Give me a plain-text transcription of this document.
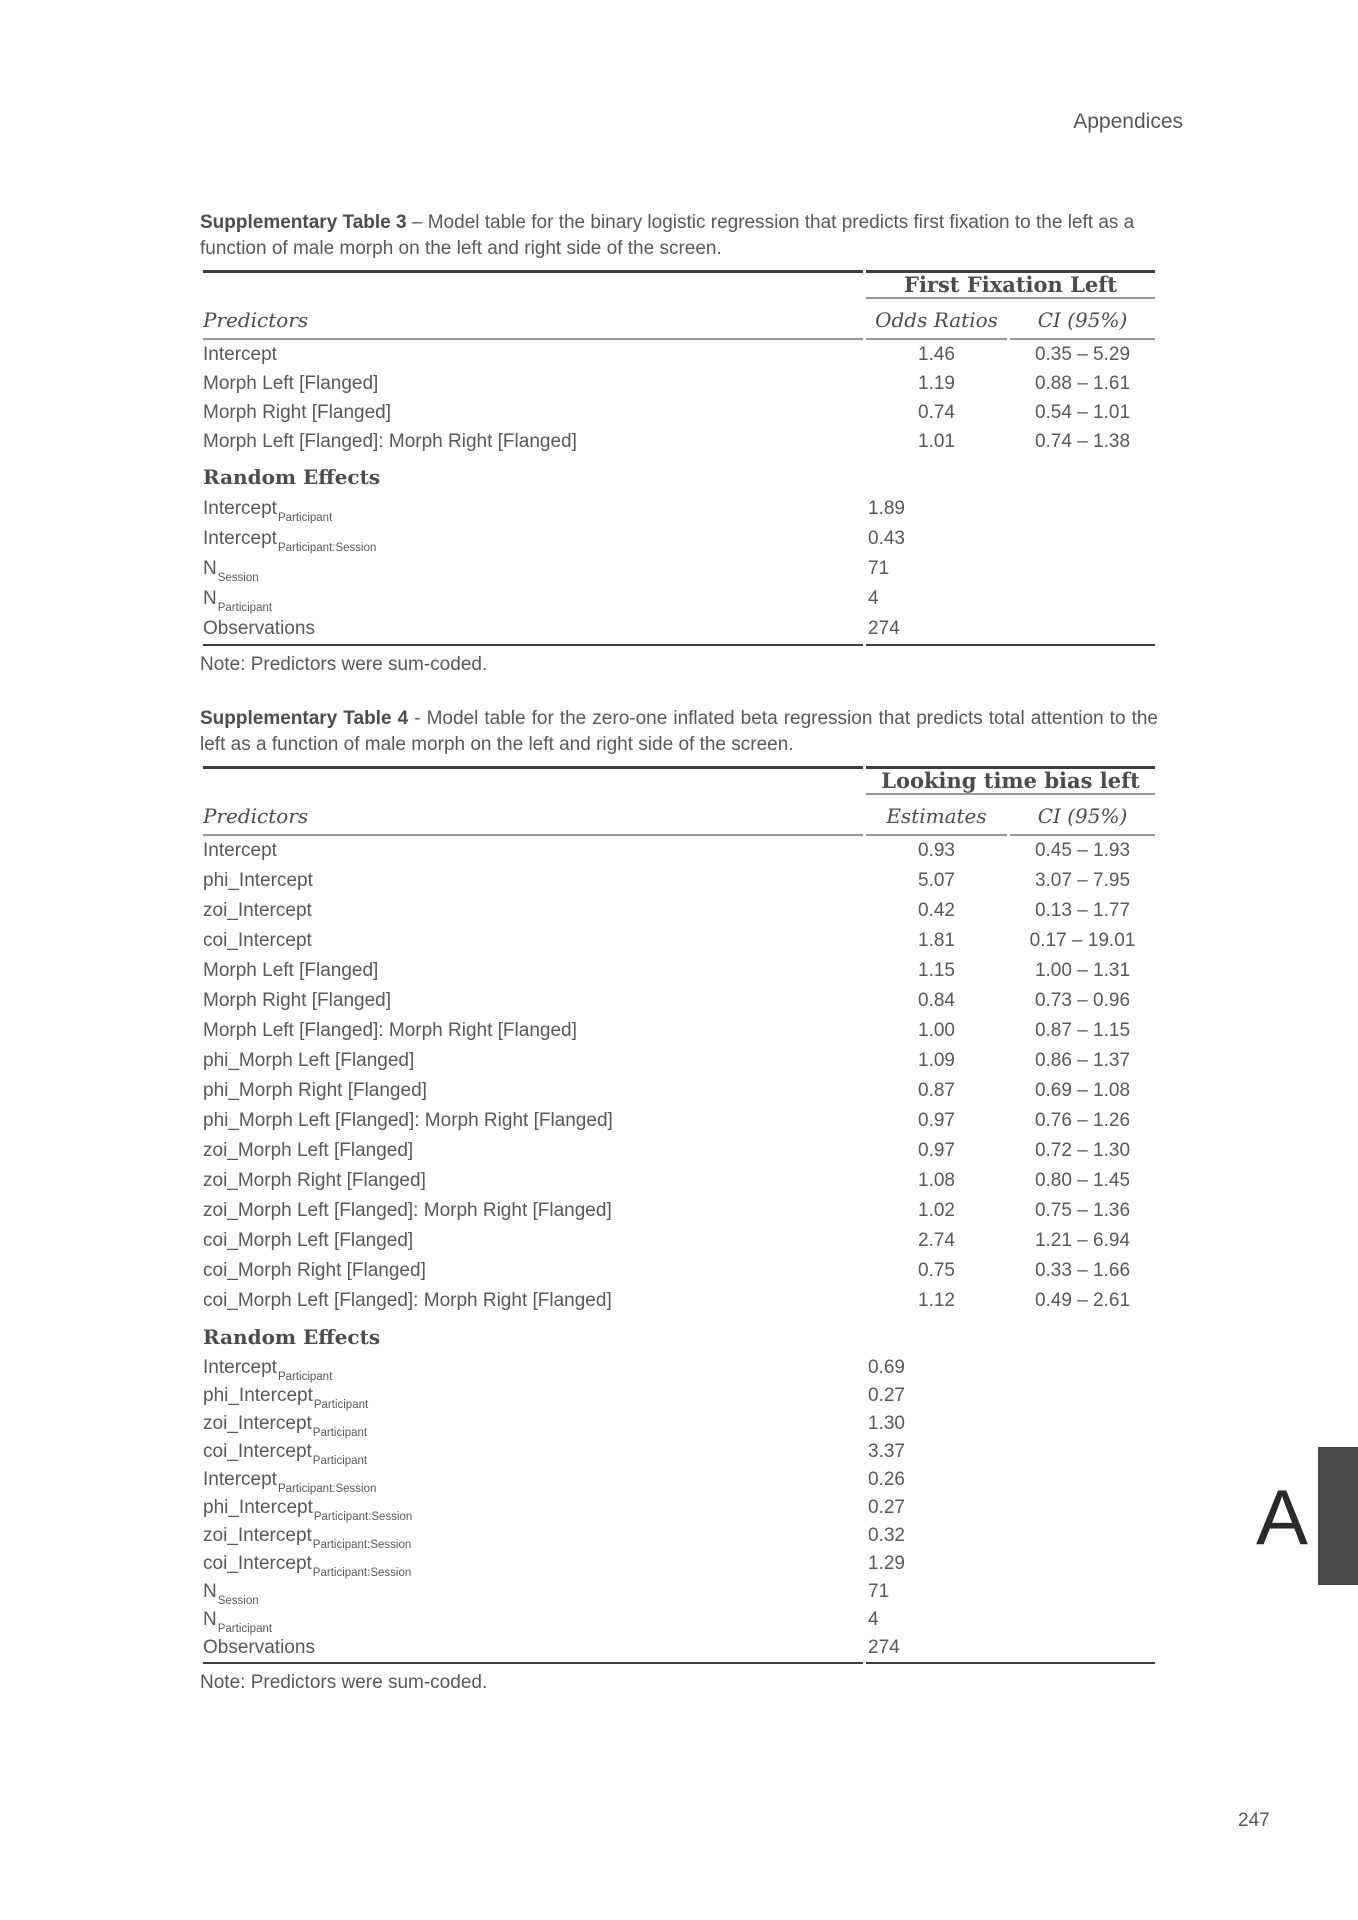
Appendices

Supplementary Table 3 – Model table for the binary logistic regression that predicts first fixation to the left as a function of male morph on the left and right side of the screen.

	First Fixation Left	
Predictors	Odds Ratios	CI (95%)
Intercept	1.46	0.35 – 5.29
Morph Left [Flanged]	1.19	0.88 – 1.61
Morph Right [Flanged]	0.74	0.54 – 1.01
Morph Left [Flanged]: Morph Right [Flanged]	1.01	0.74 – 1.38
Random Effects		
Intercept$_{Participant}$	1.89	
Intercept$_{Participant:Session}$	0.43	
$N_{Session}$	71	
$N_{Participant}$	4	
Observations	274	

Note: Predictors were sum-coded.

Supplementary Table 4 - Model table for the zero-one inflated beta regression that predicts total attention to the left as a function of male morph on the left and right side of the screen.

	Looking time bias left	
Predictors	Estimates	CI (95%)
Intercept	0.93	0.45 – 1.93
phi_Intercept	5.07	3.07 – 7.95
zoi_Intercept	0.42	0.13 – 1.77
coi_Intercept	1.81	0.17 – 19.01
Morph Left [Flanged]	1.15	1.00 – 1.31
Morph Right [Flanged]	0.84	0.73 – 0.96
Morph Left [Flanged]: Morph Right [Flanged]	1.00	0.87 – 1.15
phi_Morph Left [Flanged]	1.09	0.86 – 1.37
phi_Morph Right [Flanged]	0.87	0.69 – 1.08
phi_Morph Left [Flanged]: Morph Right [Flanged]	0.97	0.76 – 1.26
zoi_Morph Left [Flanged]	0.97	0.72 – 1.30
zoi_Morph Right [Flanged]	1.08	0.80 – 1.45
zoi_Morph Left [Flanged]: Morph Right [Flanged]	1.02	0.75 – 1.36
coi_Morph Left [Flanged]	2.74	1.21 – 6.94
coi_Morph Right [Flanged]	0.75	0.33 – 1.66
coi_Morph Left [Flanged]: Morph Right [Flanged]	1.12	0.49 – 2.61
Random Effects		
Intercept$_{Participant}$	0.69	
phi_Intercept$_{Participant}$	0.27	
zoi_Intercept$_{Participant}$	1.30	
coi_Intercept$_{Participant}$	3.37	
Intercept$_{Participant:Session}$	0.26	
phi_Intercept$_{Participant:Session}$	0.27	
zoi_Intercept$_{Participant:Session}$	0.32	
coi_Intercept$_{Participant:Session}$	1.29	
$N_{Session}$	71	
$N_{Participant}$	4	
Observations	274	

Note: Predictors were sum-coded.

A
247
